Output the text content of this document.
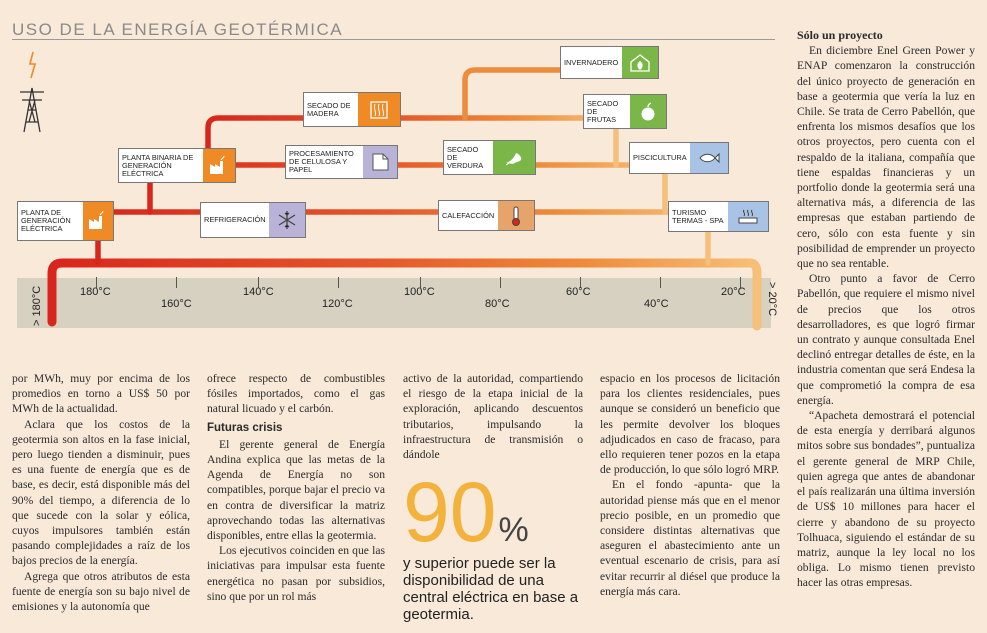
USO DE LA ENERGÍA GEOTÉRMICA
PLANTA DE GENERACIÓN ELÉCTRICA
PLANTA BINARIA DE GENERACIÓN ELÉCTRICA
REFRIGERACIÓN
SECADO DE MADERA
PROCESAMIENTO DE CELULOSA Y PAPEL
CALEFACCIÓN
SECADO DE VERDURA
INVERNADERO
SECADO DE FRUTAS
PISCICULTURA
TURISMO TERMAS - SPA
180°C	140°C	100°C	60°C	20°C
160°C	120°C	80°C	40°C
> 180°C	> 20°C

por MWh, muy por encima de los promedios en torno a US$ 50 por MWh de la actualidad.

Aclara que los costos de la geotermia son altos en la fase inicial, pero luego tienden a disminuir, pues es una fuente de energía que es de base, es decir, está disponible más del 90% del tiempo, a diferencia de lo que sucede con la solar y eólica, cuyos impulsores también están pasando complejidades a raíz de los bajos precios de la energía.

Agrega que otros atributos de esta fuente de energía son su bajo nivel de emisiones y la autonomía que

ofrece respecto de combustibles fósiles importados, como el gas natural licuado y el carbón.

Futuras crisis

El gerente general de Energía Andina explica que las metas de la Agenda de Energía no son compatibles, porque bajar el precio va en contra de diversificar la matriz aprovechando todas las alternativas disponibles, entre ellas la geotermia.

Los ejecutivos coinciden en que las iniciativas para impulsar esta fuente energética no pasan por subsidios, sino que por un rol más

activo de la autoridad, compartiendo el riesgo de la etapa inicial de la exploración, aplicando descuentos tributarios, impulsando la infraestructura de transmisión o dándole

90%
y superior puede ser la disponibilidad de una central eléctrica en base a geotermia.

espacio en los procesos de licitación para los clientes residenciales, pues aunque se consideró un beneficio que les permite devolver los bloques adjudicados en caso de fracaso, para ello requieren tener pozos en la etapa de producción, lo que sólo logró MRP.

En el fondo -apunta- que la autoridad piense más que en el menor precio posible, en un promedio que considere distintas alternativas que aseguren el abastecimiento ante un eventual escenario de crisis, para así evitar recurrir al diésel que produce la energía más cara.

Sólo un proyecto

En diciembre Enel Green Power y ENAP comenzaron la construcción del único proyecto de generación en base a geotermia que vería la luz en Chile. Se trata de Cerro Pabellón, que enfrenta los mismos desafíos que los otros proyectos, pero cuenta con el respaldo de la italiana, compañía que tiene espaldas financieras y un portfolio donde la geotermia será una alternativa más, a diferencia de las empresas que estaban partiendo de cero, sólo con esta fuente y sin posibilidad de emprender un proyecto que no sea rentable.

Otro punto a favor de Cerro Pabellón, que requiere el mismo nivel de precios que los otros desarrolladores, es que logró firmar un contrato y aunque consultada Enel declinó entregar detalles de éste, en la industria comentan que será Endesa la que comprometió la compra de esa energía.

“Apacheta demostrará el potencial de esta energía y derribará algunos mitos sobre sus bondades”, puntualiza el gerente general de MRP Chile, quien agrega que antes de abandonar el país realizarán una última inversión de US$ 10 millones para hacer el cierre y abandono de su proyecto Tolhuaca, siguiendo el estándar de su matriz, aunque la ley local no los obliga. Lo mismo tienen previsto hacer las otras empresas.
